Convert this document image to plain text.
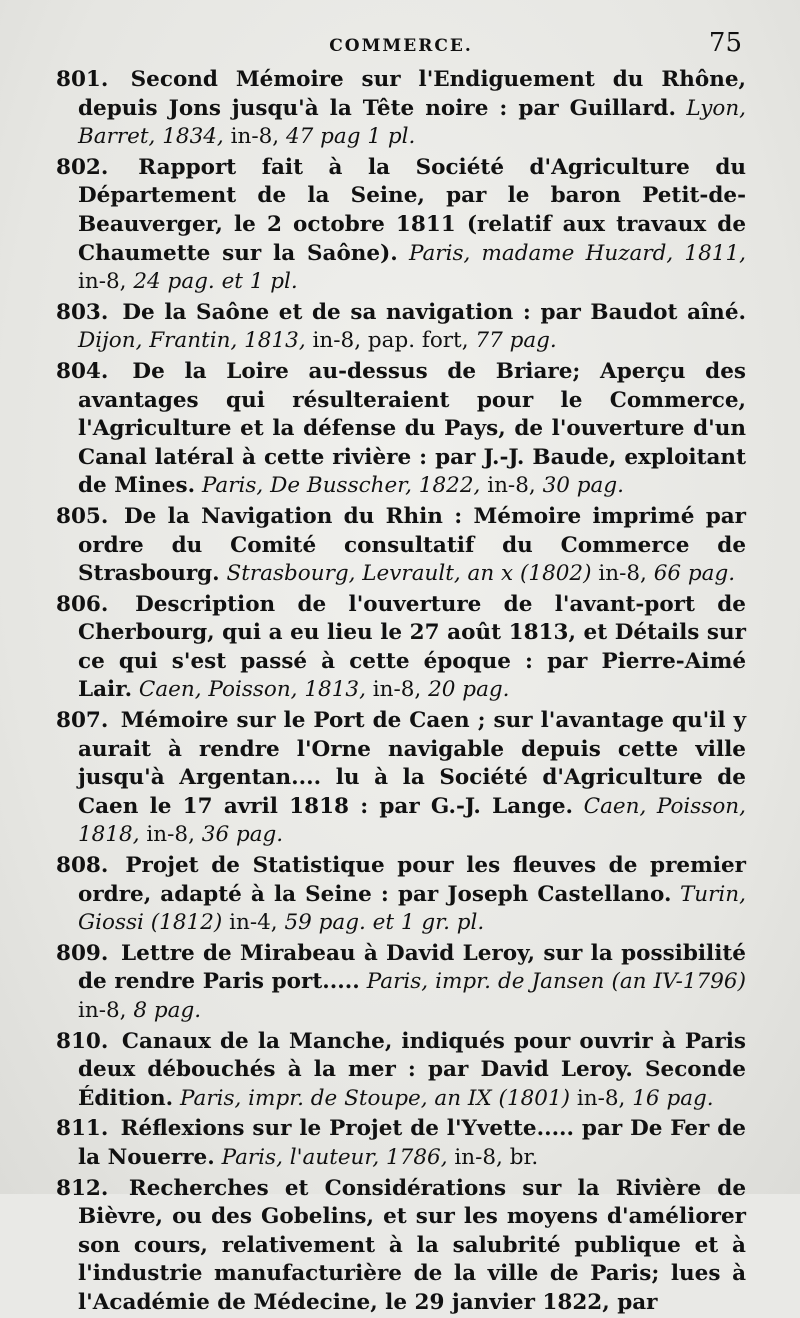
COMMERCE.	75
801. Second Mémoire sur l'Endiguement du Rhône, depuis Jons jusqu'à la Tête noire : par Guillard. Lyon, Barret, 1834, in-8, 47 pag 1 pl.
802. Rapport fait à la Société d'Agriculture du Département de la Seine, par le baron Petit-de-Beauverger, le 2 octobre 1811 (relatif aux travaux de Chaumette sur la Saône). Paris, madame Huzard, 1811, in-8, 24 pag. et 1 pl.
803. De la Saône et de sa navigation : par Baudot aîné. Dijon, Frantin, 1813, in-8, pap. fort, 77 pag.
804. De la Loire au-dessus de Briare; Aperçu des avantages qui résulteraient pour le Commerce, l'Agriculture et la défense du Pays, de l'ouverture d'un Canal latéral à cette rivière : par J.-J. Baude, exploitant de Mines. Paris, De Busscher, 1822, in-8, 30 pag.
805. De la Navigation du Rhin : Mémoire imprimé par ordre du Comité consultatif du Commerce de Strasbourg. Strasbourg, Levrault, an x (1802) in-8, 66 pag.
806. Description de l'ouverture de l'avant-port de Cherbourg, qui a eu lieu le 27 août 1813, et Détails sur ce qui s'est passé à cette époque : par Pierre-Aimé Lair. Caen, Poisson, 1813, in-8, 20 pag.
807. Mémoire sur le Port de Caen ; sur l'avantage qu'il y aurait à rendre l'Orne navigable depuis cette ville jusqu'à Argentan.... lu à la Société d'Agriculture de Caen le 17 avril 1818 : par G.-J. Lange. Caen, Poisson, 1818, in-8, 36 pag.
808. Projet de Statistique pour les fleuves de premier ordre, adapté à la Seine : par Joseph Castellano. Turin, Giossi (1812) in-4, 59 pag. et 1 gr. pl.
809. Lettre de Mirabeau à David Leroy, sur la possibilité de rendre Paris port..... Paris, impr. de Jansen (an IV-1796) in-8, 8 pag.
810. Canaux de la Manche, indiqués pour ouvrir à Paris deux débouchés à la mer : par David Leroy. Seconde Édition. Paris, impr. de Stoupe, an IX (1801) in-8, 16 pag.
811. Réflexions sur le Projet de l'Yvette..... par De Fer de la Nouerre. Paris, l'auteur, 1786, in-8, br.
812. Recherches et Considérations sur la Rivière de Bièvre, ou des Gobelins, et sur les moyens d'améliorer son cours, relativement à la salubrité publique et à l'industrie manufacturière de la ville de Paris; lues à l'Académie de Médecine, le 29 janvier 1822, par
